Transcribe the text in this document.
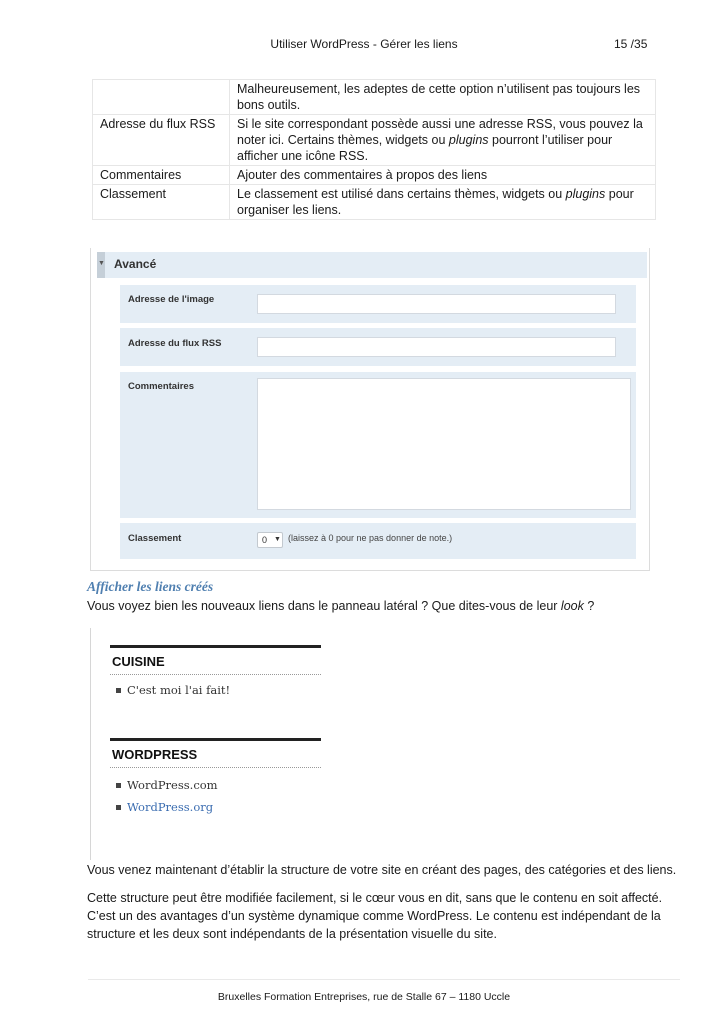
Utiliser WordPress - Gérer les liens	15 /35
	Malheureusement, les adeptes de cette option n’utilisent pas toujours les bons outils.
Adresse du flux RSS	Si le site correspondant possède aussi une adresse RSS, vous pouvez la noter ici. Certains thèmes, widgets ou plugins pourront l’utiliser pour afficher une icône RSS.
Commentaires	Ajouter des commentaires à propos des liens
Classement	Le classement est utilisé dans certains thèmes, widgets ou plugins pour organiser les liens.
▼ Avancé
Adresse de l'image
Adresse du flux RSS
Commentaires
Classement	0 ▼ (laissez à 0 pour ne pas donner de note.)
Afficher les liens créés
Vous voyez bien les nouveaux liens dans le panneau latéral ? Que dites-vous de leur look ?
CUISINE
C'est moi l'ai fait!
WORDPRESS
WordPress.com
WordPress.org
Vous venez maintenant d’établir la structure de votre site en créant des pages, des catégories et des liens.
Cette structure peut être modifiée facilement, si le cœur vous en dit, sans que le contenu en soit affecté. C’est un des avantages d’un système dynamique comme WordPress. Le contenu est indépendant de la structure et les deux sont indépendants de la présentation visuelle du site.
Bruxelles Formation Entreprises, rue de Stalle 67 – 1180 Uccle
